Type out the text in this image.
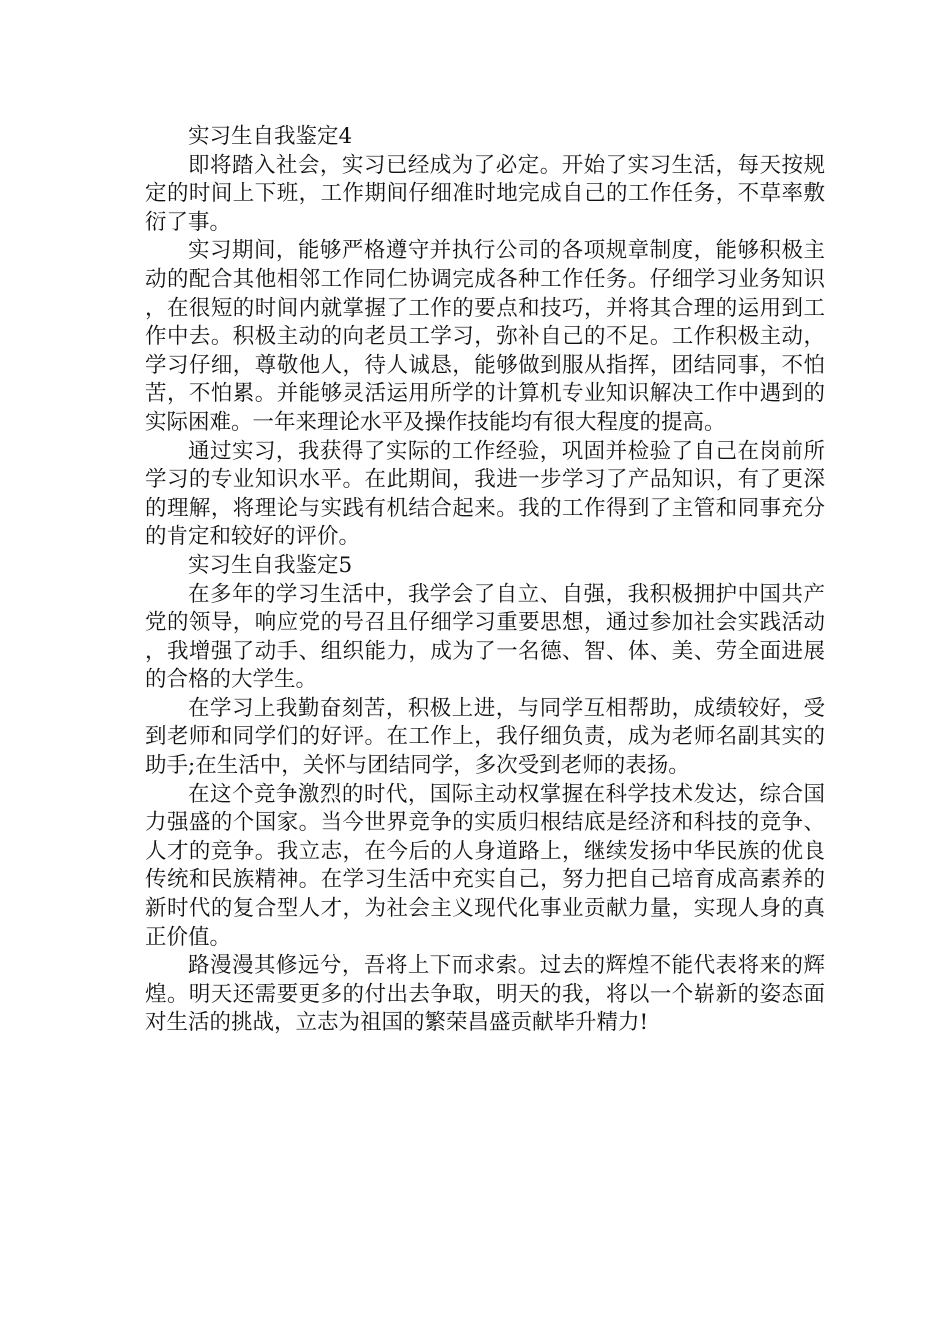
实习生自我鉴定4

即将踏入社会，实习已经成为了必定。开始了实习生活，每天按规定的时间上下班，工作期间仔细准时地完成自己的工作任务，不草率敷衍了事。

实习期间，能够严格遵守并执行公司的各项规章制度，能够积极主动的配合其他相邻工作同仁协调完成各种工作任务。仔细学习业务知识，在很短的时间内就掌握了工作的要点和技巧，并将其合理的运用到工作中去。积极主动的向老员工学习，弥补自己的不足。工作积极主动，学习仔细，尊敬他人，待人诚恳，能够做到服从指挥，团结同事，不怕苦，不怕累。并能够灵活运用所学的计算机专业知识解决工作中遇到的实际困难。一年来理论水平及操作技能均有很大程度的提高。

通过实习，我获得了实际的工作经验，巩固并检验了自己在岗前所学习的专业知识水平。在此期间，我进一步学习了产品知识，有了更深的理解，将理论与实践有机结合起来。我的工作得到了主管和同事充分的肯定和较好的评价。

实习生自我鉴定5

在多年的学习生活中，我学会了自立、自强，我积极拥护中国共产党的领导，响应党的号召且仔细学习重要思想，通过参加社会实践活动，我增强了动手、组织能力，成为了一名德、智、体、美、劳全面进展的合格的大学生。

在学习上我勤奋刻苦，积极上进，与同学互相帮助，成绩较好，受到老师和同学们的好评。在工作上，我仔细负责，成为老师名副其实的助手;在生活中，关怀与团结同学，多次受到老师的表扬。

在这个竞争激烈的时代，国际主动权掌握在科学技术发达，综合国力强盛的个国家。当今世界竞争的实质归根结底是经济和科技的竞争、人才的竞争。我立志，在今后的人身道路上，继续发扬中华民族的优良传统和民族精神。在学习生活中充实自己，努力把自己培育成高素养的新时代的复合型人才，为社会主义现代化事业贡献力量，实现人身的真正价值。

路漫漫其修远兮，吾将上下而求索。过去的辉煌不能代表将来的辉煌。明天还需要更多的付出去争取，明天的我，将以一个崭新的姿态面对生活的挑战，立志为祖国的繁荣昌盛贡献毕升精力!
